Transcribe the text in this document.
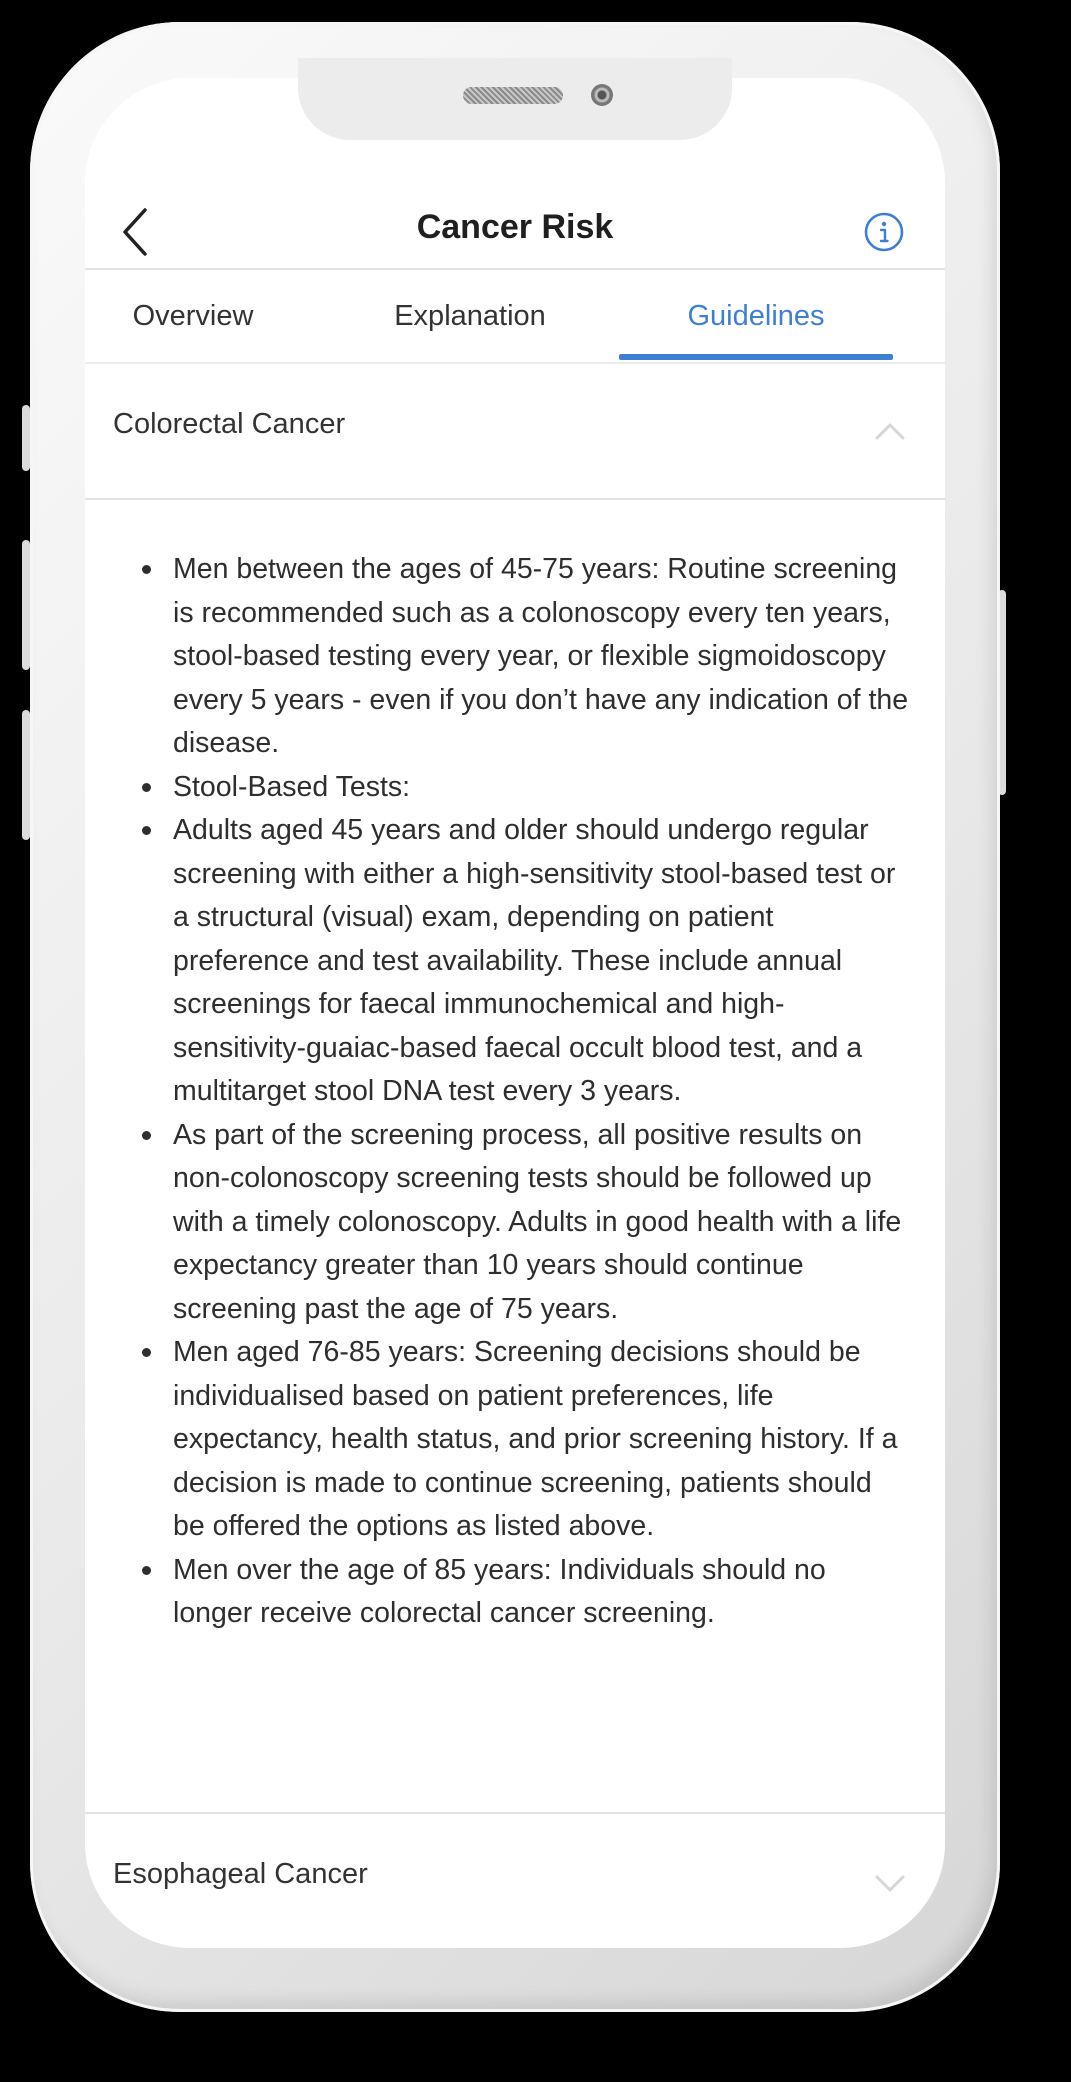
Cancer Risk
Overview	Explanation	Guidelines
Colorectal Cancer
Men between the ages of 45-75 years: Routine screening is recommended such as a colonoscopy every ten years, stool-based testing every year, or flexible sigmoidoscopy every 5 years - even if you don’t have any indication of the disease.
Stool-Based Tests:
Adults aged 45 years and older should undergo regular screening with either a high-sensitivity stool-based test or a structural (visual) exam, depending on patient preference and test availability. These include annual screenings for faecal immunochemical and high-sensitivity-guaiac-based faecal occult blood test, and a multitarget stool DNA test every 3 years.
As part of the screening process, all positive results on non-colonoscopy screening tests should be followed up with a timely colonoscopy. Adults in good health with a life expectancy greater than 10 years should continue screening past the age of 75 years.
Men aged 76-85 years: Screening decisions should be individualised based on patient preferences, life expectancy, health status, and prior screening history. If a decision is made to continue screening, patients should be offered the options as listed above.
Men over the age of 85 years: Individuals should no longer receive colorectal cancer screening.
Esophageal Cancer
